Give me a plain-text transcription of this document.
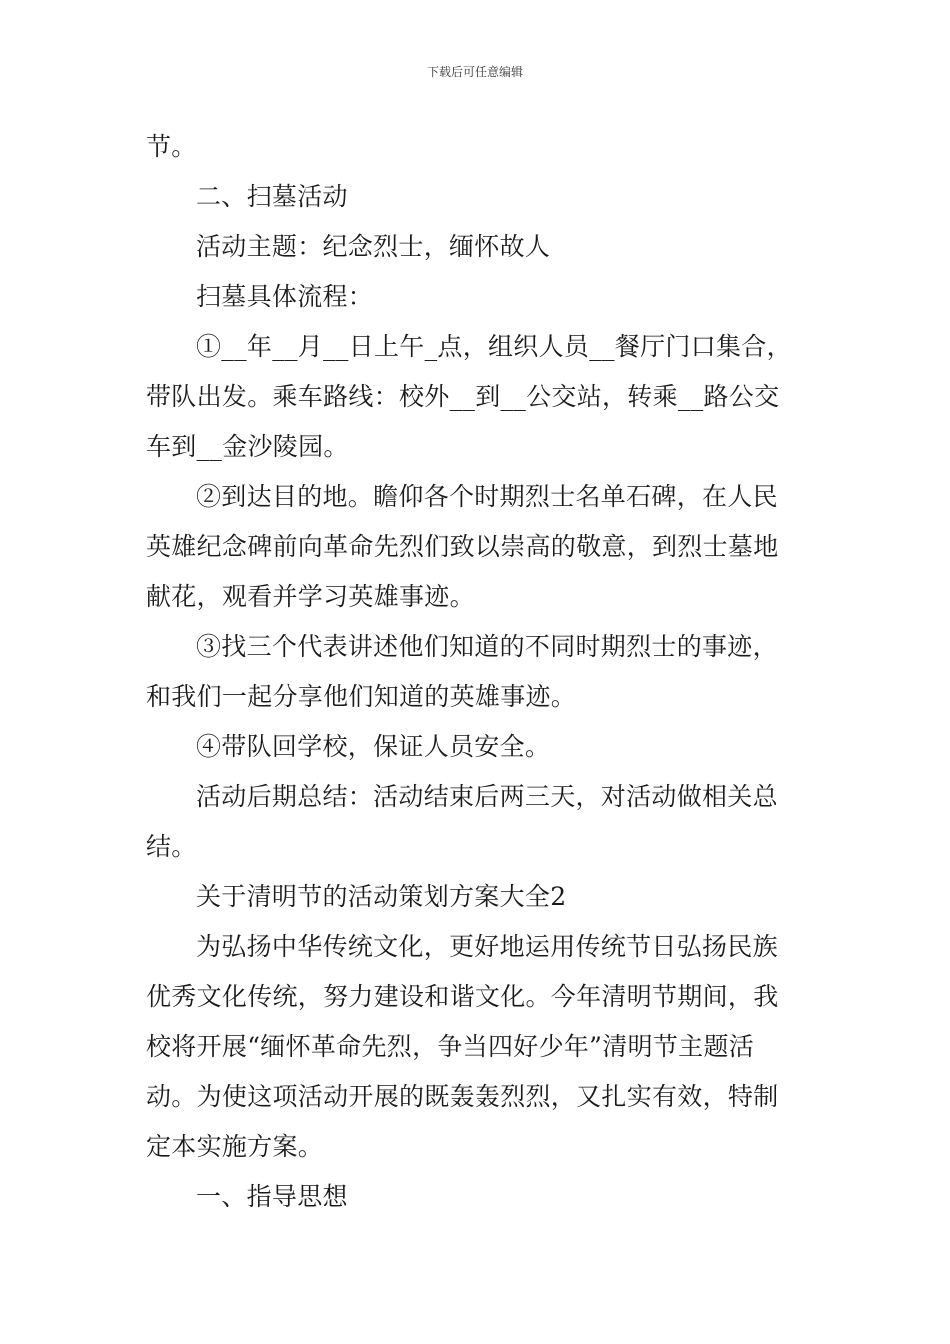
下载后可任意编辑

节。

二、扫墓活动

活动主题：纪念烈士，缅怀故人

扫墓具体流程：

①__年__月__日上午_点，组织人员__餐厅门口集合，

带队出发。乘车路线：校外__到__公交站，转乘__路公交

车到__金沙陵园。

②到达目的地。瞻仰各个时期烈士名单石碑，在人民

英雄纪念碑前向革命先烈们致以崇高的敬意，到烈士墓地

献花，观看并学习英雄事迹。

③找三个代表讲述他们知道的不同时期烈士的事迹，

和我们一起分享他们知道的英雄事迹。

④带队回学校，保证人员安全。

活动后期总结：活动结束后两三天，对活动做相关总

结。

关于清明节的活动策划方案大全2

为弘扬中华传统文化，更好地运用传统节日弘扬民族

优秀文化传统，努力建设和谐文化。今年清明节期间，我

校将开展“缅怀革命先烈，争当四好少年”清明节主题活

动。为使这项活动开展的既轰轰烈烈，又扎实有效，特制

定本实施方案。

一、指导思想
